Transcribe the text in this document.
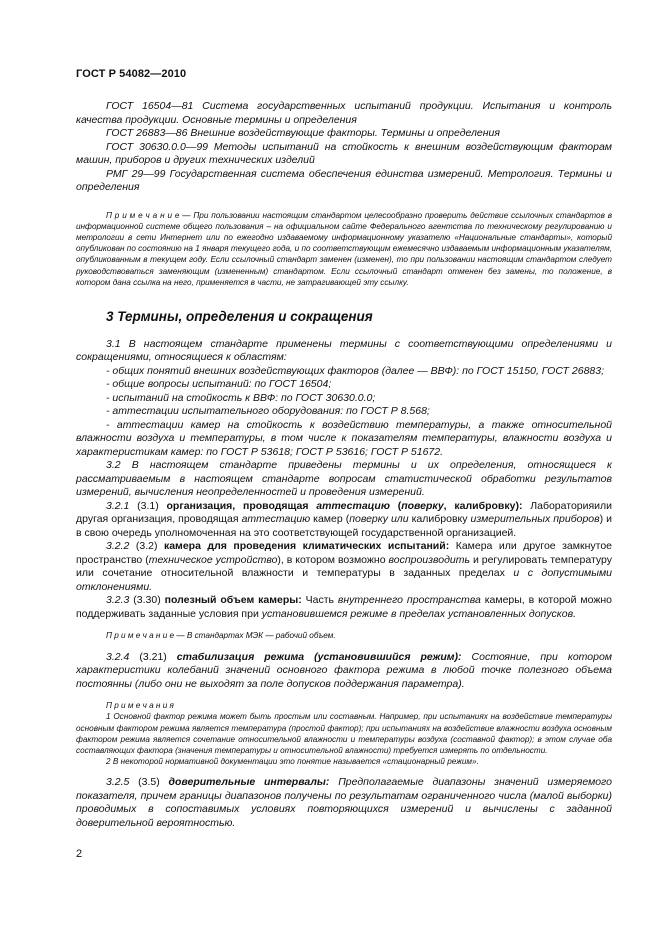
ГОСТ Р 54082—2010

ГОСТ 16504—81 Система государственных испытаний продукции. Испытания и контроль качества продукции. Основные термины и определения

ГОСТ 26883—86 Внешние воздействующие факторы. Термины и определения

ГОСТ 30630.0.0—99 Методы испытаний на стойкость к внешним воздействующим факторам машин, приборов и других технических изделий

РМГ 29—99 Государственная система обеспечения единства измерений. Метрология. Термины и определения

П р и м е ч а н и е — При пользовании настоящим стандартом целесообразно проверить действие ссылочных стандартов в информационной системе общего пользования – на официальном сайте Федерального агентства по техническому регулированию и метрологии в сети Интернет или по ежегодно издаваемому информационному указателю «Национальные стандарты», который опубликован по состоянию на 1 января текущего года, и по соответствующим ежемесячно издаваемым информационным указателям, опубликованным в текущем году. Если ссылочный стандарт заменен (изменен), то при пользовании настоящим стандартом следует руководствоваться заменяющим (измененным) стандартом. Если ссылочный стандарт отменен без замены, то положение, в котором дана ссылка на него, применяется в части, не затрагивающей эту ссылку.

3 Термины, определения и сокращения

3.1 В настоящем стандарте применены термины с соответствующими определениями и сокращениями, относящиеся к областям:

- общих понятий внешних воздействующих факторов (далее — ВВФ): по ГОСТ 15150, ГОСТ 26883;

- общие вопросы испытаний: по ГОСТ 16504;

- испытаний на стойкость к ВВФ: по ГОСТ 30630.0.0;

- аттестации испытательного оборудования: по ГОСТ Р 8.568;

- аттестации камер на стойкость к воздействию температуры, а также относительной влажности воздуха и температуры, в том числе к показателям температуры, влажности воздуха и характеристикам камер: по ГОСТ Р 53618; ГОСТ Р 53616; ГОСТ Р 51672.

3.2 В настоящем стандарте приведены термины и их определения, относящиеся к рассматриваемым в настоящем стандарте вопросам статистической обработки результатов измерений, вычисления неопределенностей и проведения измерений.

3.2.1 (3.1) организация, проводящая аттестацию (поверку, калибровку): Лабораторияили другая организация, проводящая аттестацию камер (поверку или калибровку измерительных приборов) и в свою очередь уполномоченная на это соответствующей государственной организацией.

3.2.2 (3.2) камера для проведения климатических испытаний: Камера или другое замкнутое пространство (техническое устройство), в котором возможно воспроизводить и регулировать температуру или сочетание относительной влажности и температуры в заданных пределах и с допустимыми отклонениями.

3.2.3 (3.30) полезный объем камеры: Часть внутреннего пространства камеры, в которой можно поддерживать заданные условия при установившемся режиме в пределах установленных допусков.

П р и м е ч а н и е — В стандартах МЭК — рабочий объем.

3.2.4 (3.21) стабилизация режима (установившийся режим): Состояние, при котором характеристики колебаний значений основного фактора режима в любой точке полезного объема постоянны (либо они не выходят за поле допусков поддержания параметра).

П р и м е ч а н и я

1 Основной фактор режима может быть простым или составным. Например, при испытаниях на воздействие температуры основным фактором режима является температура (простой фактор); при испытаниях на воздействие влажности воздуха основным фактором режима является сочетание относительной влажности и температуры воздуха (составной фактор); в этом случае оба составляющих фактора (значения температуры и относительной влажности) требуется измерять по отдельности.

2 В некоторой нормативной документации это понятие называется «стационарный режим».

3.2.5 (3.5) доверительные интервалы: Предполагаемые диапазоны значений измеряемого показателя, причем границы диапазонов получены по результатам ограниченного числа (малой выборки) проводимых в сопоставимых условиях повторяющихся измерений и вычислены с заданной доверительной вероятностью.

2
